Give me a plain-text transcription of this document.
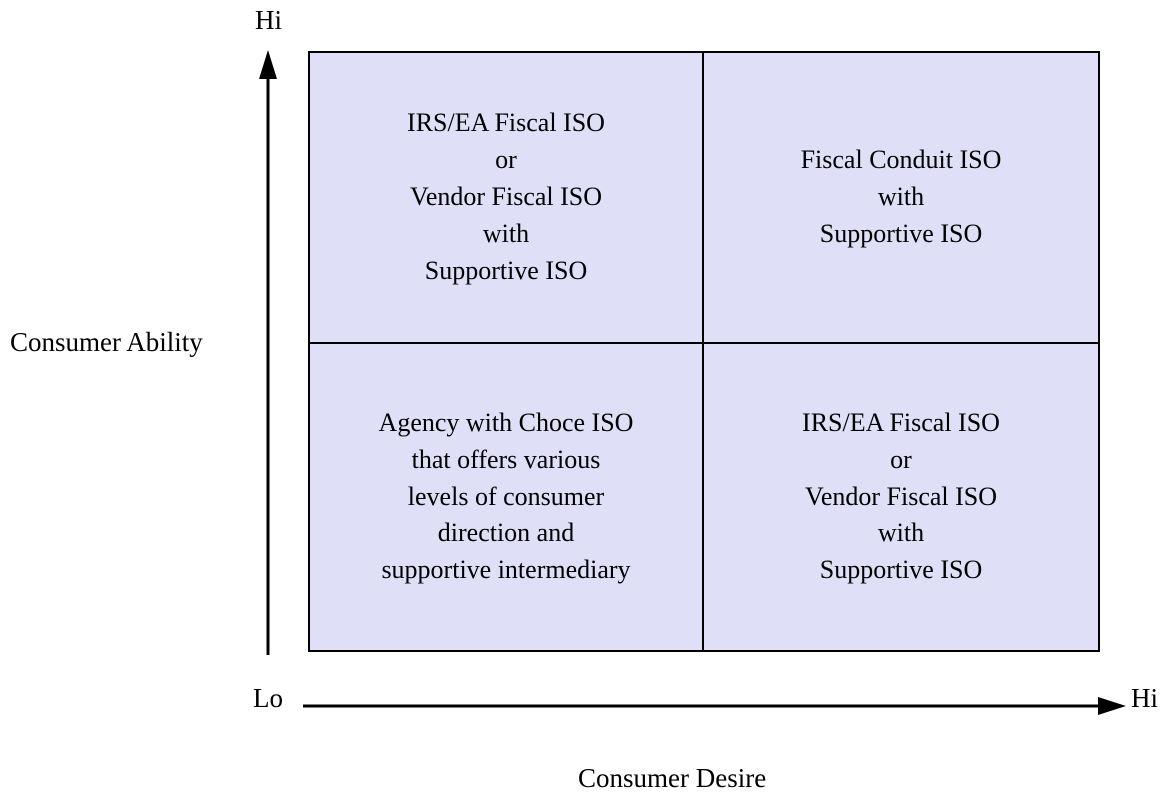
Hi
Consumer Ability
Lo	Hi
Consumer Desire
IRS/EA Fiscal ISO
or
Vendor Fiscal ISO
with
Supportive ISO
Fiscal Conduit ISO
with
Supportive ISO
Agency with Choce ISO
that offers various
levels of consumer
direction and
supportive intermediary
IRS/EA Fiscal ISO
or
Vendor Fiscal ISO
with
Supportive ISO
